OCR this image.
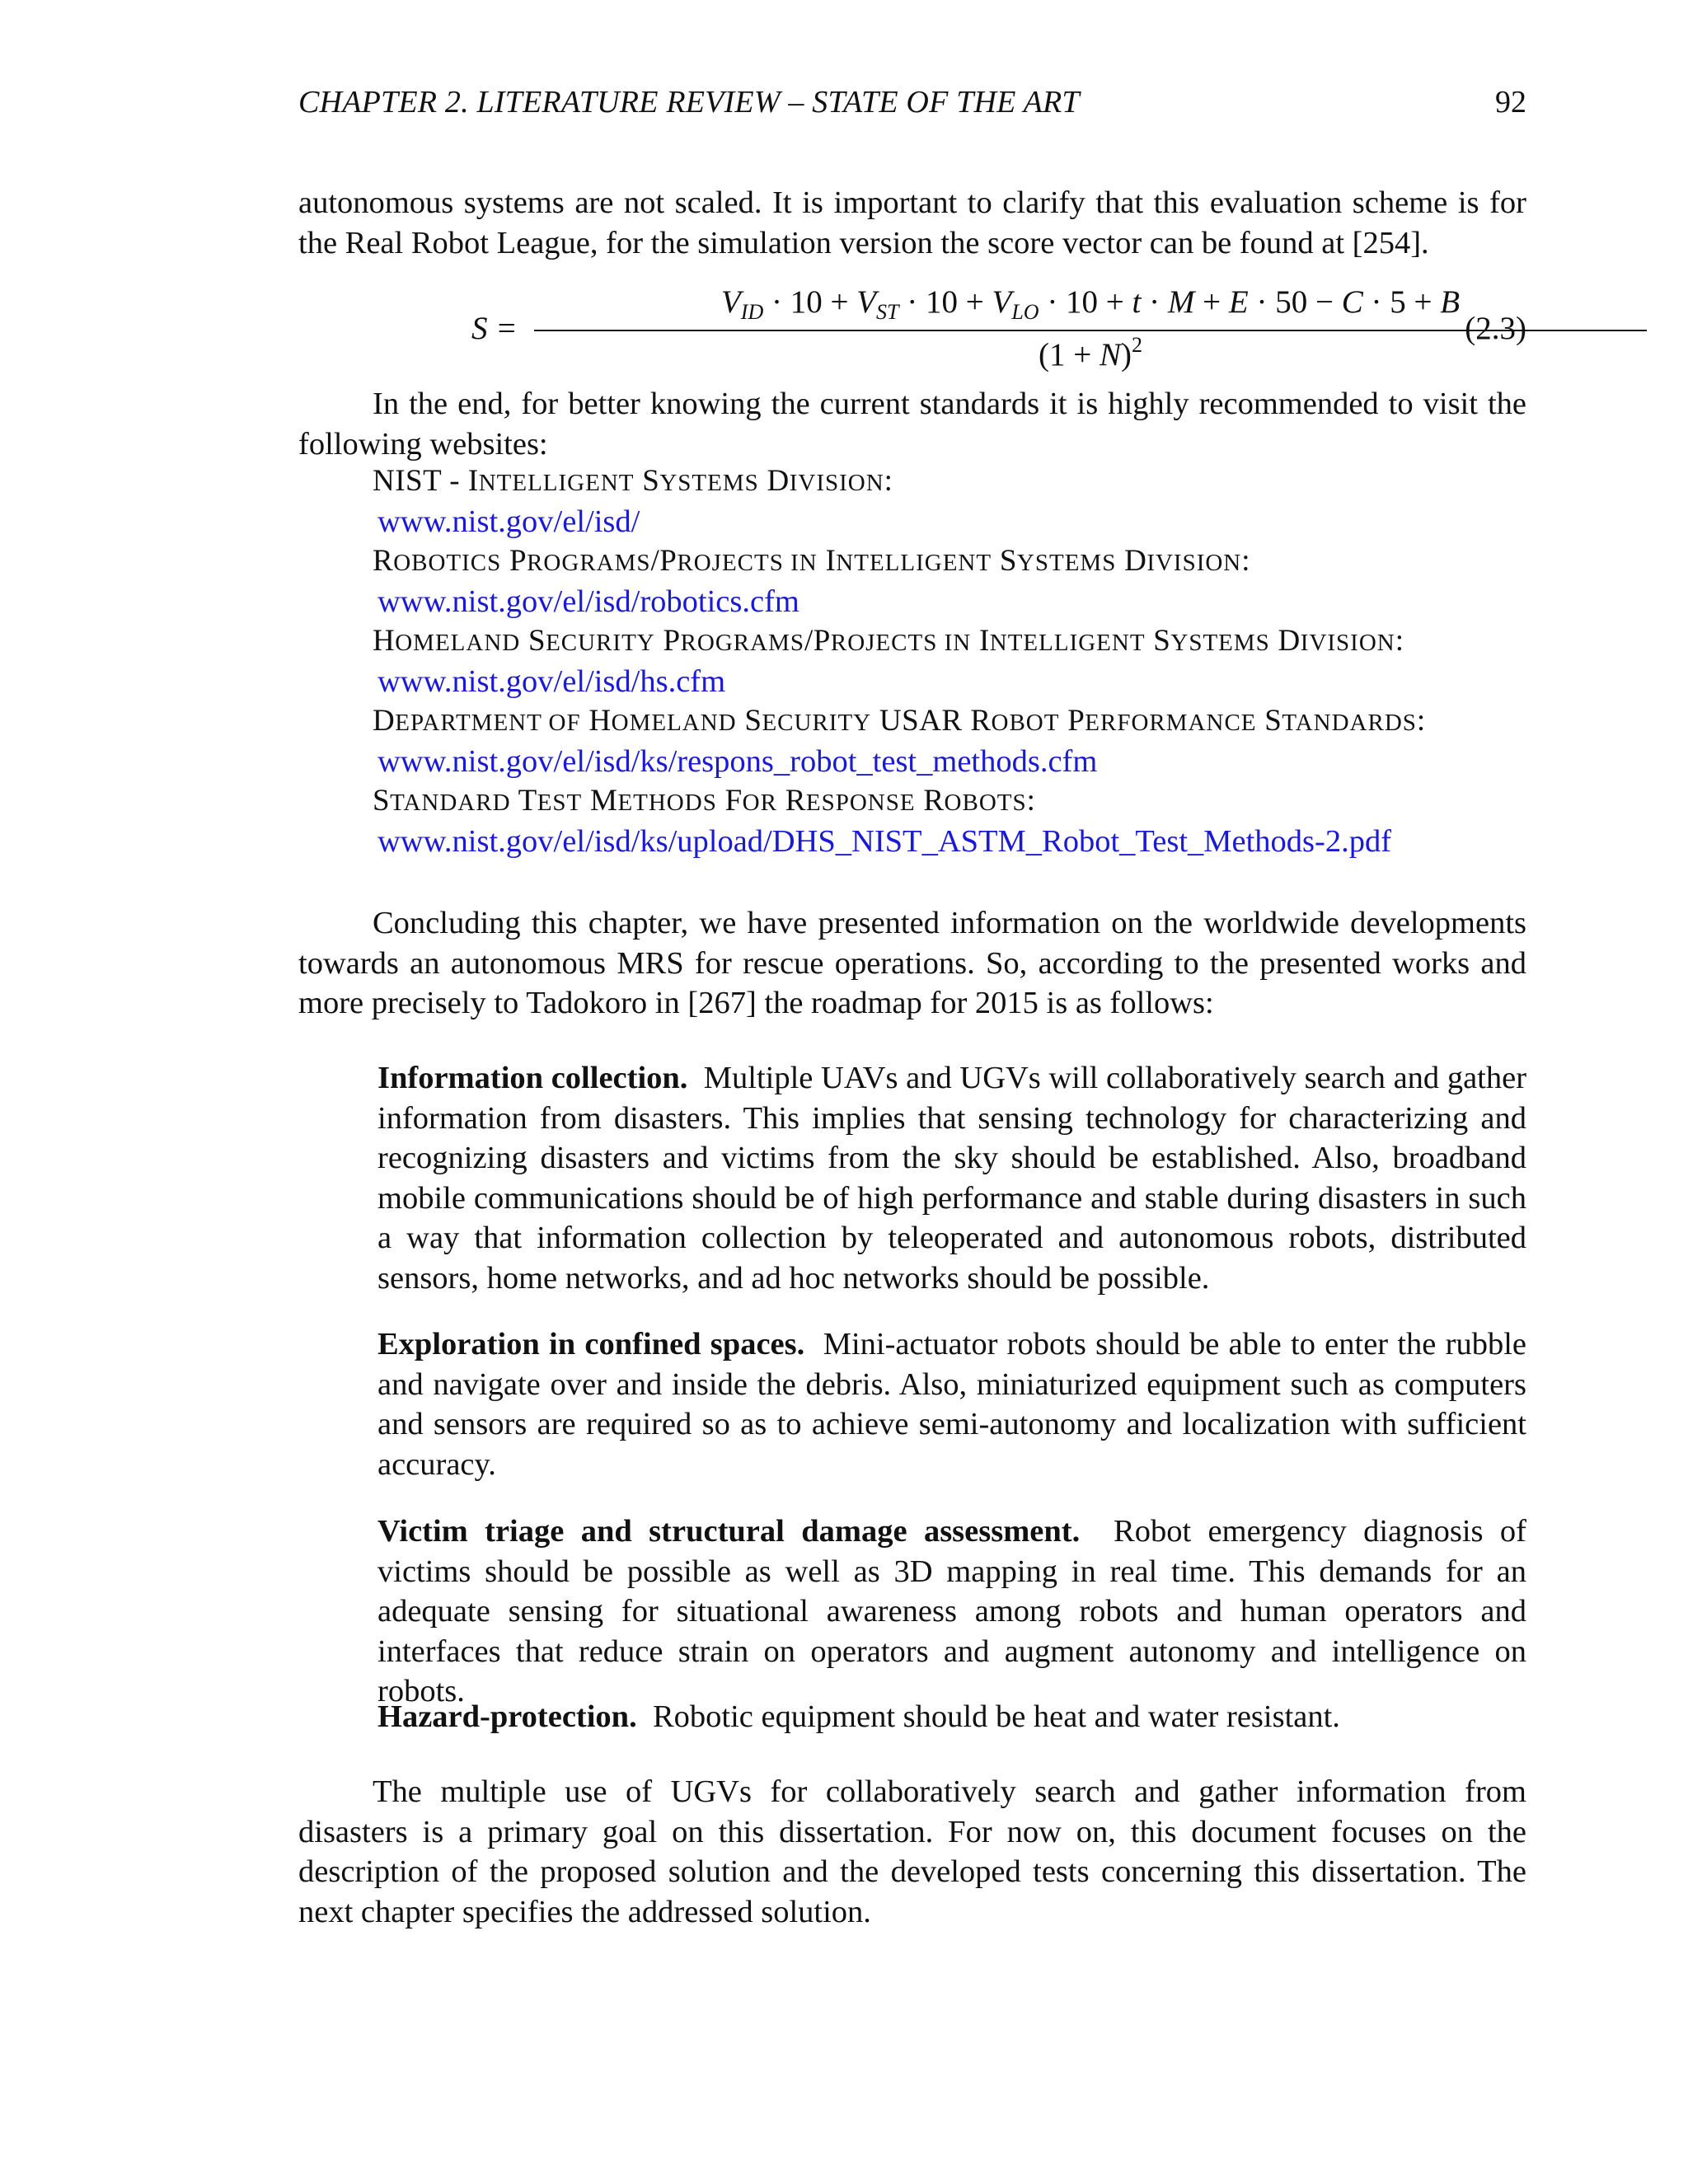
CHAPTER 2. LITERATURE REVIEW – STATE OF THE ART	92

autonomous systems are not scaled. It is important to clarify that this evaluation scheme is for the Real Robot League, for the simulation version the score vector can be found at [254].

S =
$V_{ID} \cdot 10 + V_{ST} \cdot 10 + V_{LO} \cdot 10 + t \cdot M + E \cdot 50 - C \cdot 5 + B$
$(1 + N)^2$	(2.3)

In the end, for better knowing the current standards it is highly recommended to visit the following websites:

NIST - INTELLIGENT SYSTEMS DIVISION:
www.nist.gov/el/isd/
ROBOTICS PROGRAMS/PROJECTS IN INTELLIGENT SYSTEMS DIVISION:
www.nist.gov/el/isd/robotics.cfm
HOMELAND SECURITY PROGRAMS/PROJECTS IN INTELLIGENT SYSTEMS DIVISION:
www.nist.gov/el/isd/hs.cfm
DEPARTMENT OF HOMELAND SECURITY USAR ROBOT PERFORMANCE STANDARDS:
www.nist.gov/el/isd/ks/respons_robot_test_methods.cfm
STANDARD TEST METHODS FOR RESPONSE ROBOTS:
www.nist.gov/el/isd/ks/upload/DHS_NIST_ASTM_Robot_Test_Methods-2.pdf

Concluding this chapter, we have presented information on the worldwide developments towards an autonomous MRS for rescue operations. So, according to the presented works and more precisely to Tadokoro in [267] the roadmap for 2015 is as follows:

Information collection. Multiple UAVs and UGVs will collaboratively search and gather information from disasters. This implies that sensing technology for characterizing and recognizing disasters and victims from the sky should be established. Also, broadband mobile communications should be of high performance and stable during disasters in such a way that information collection by teleoperated and autonomous robots, distributed sensors, home networks, and ad hoc networks should be possible.

Exploration in confined spaces. Mini-actuator robots should be able to enter the rubble and navigate over and inside the debris. Also, miniaturized equipment such as computers and sensors are required so as to achieve semi-autonomy and localization with sufficient accuracy.

Victim triage and structural damage assessment. Robot emergency diagnosis of victims should be possible as well as 3D mapping in real time. This demands for an adequate sensing for situational awareness among robots and human operators and interfaces that reduce strain on operators and augment autonomy and intelligence on robots.

Hazard-protection. Robotic equipment should be heat and water resistant.

The multiple use of UGVs for collaboratively search and gather information from disasters is a primary goal on this dissertation. For now on, this document focuses on the description of the proposed solution and the developed tests concerning this dissertation. The next chapter specifies the addressed solution.
